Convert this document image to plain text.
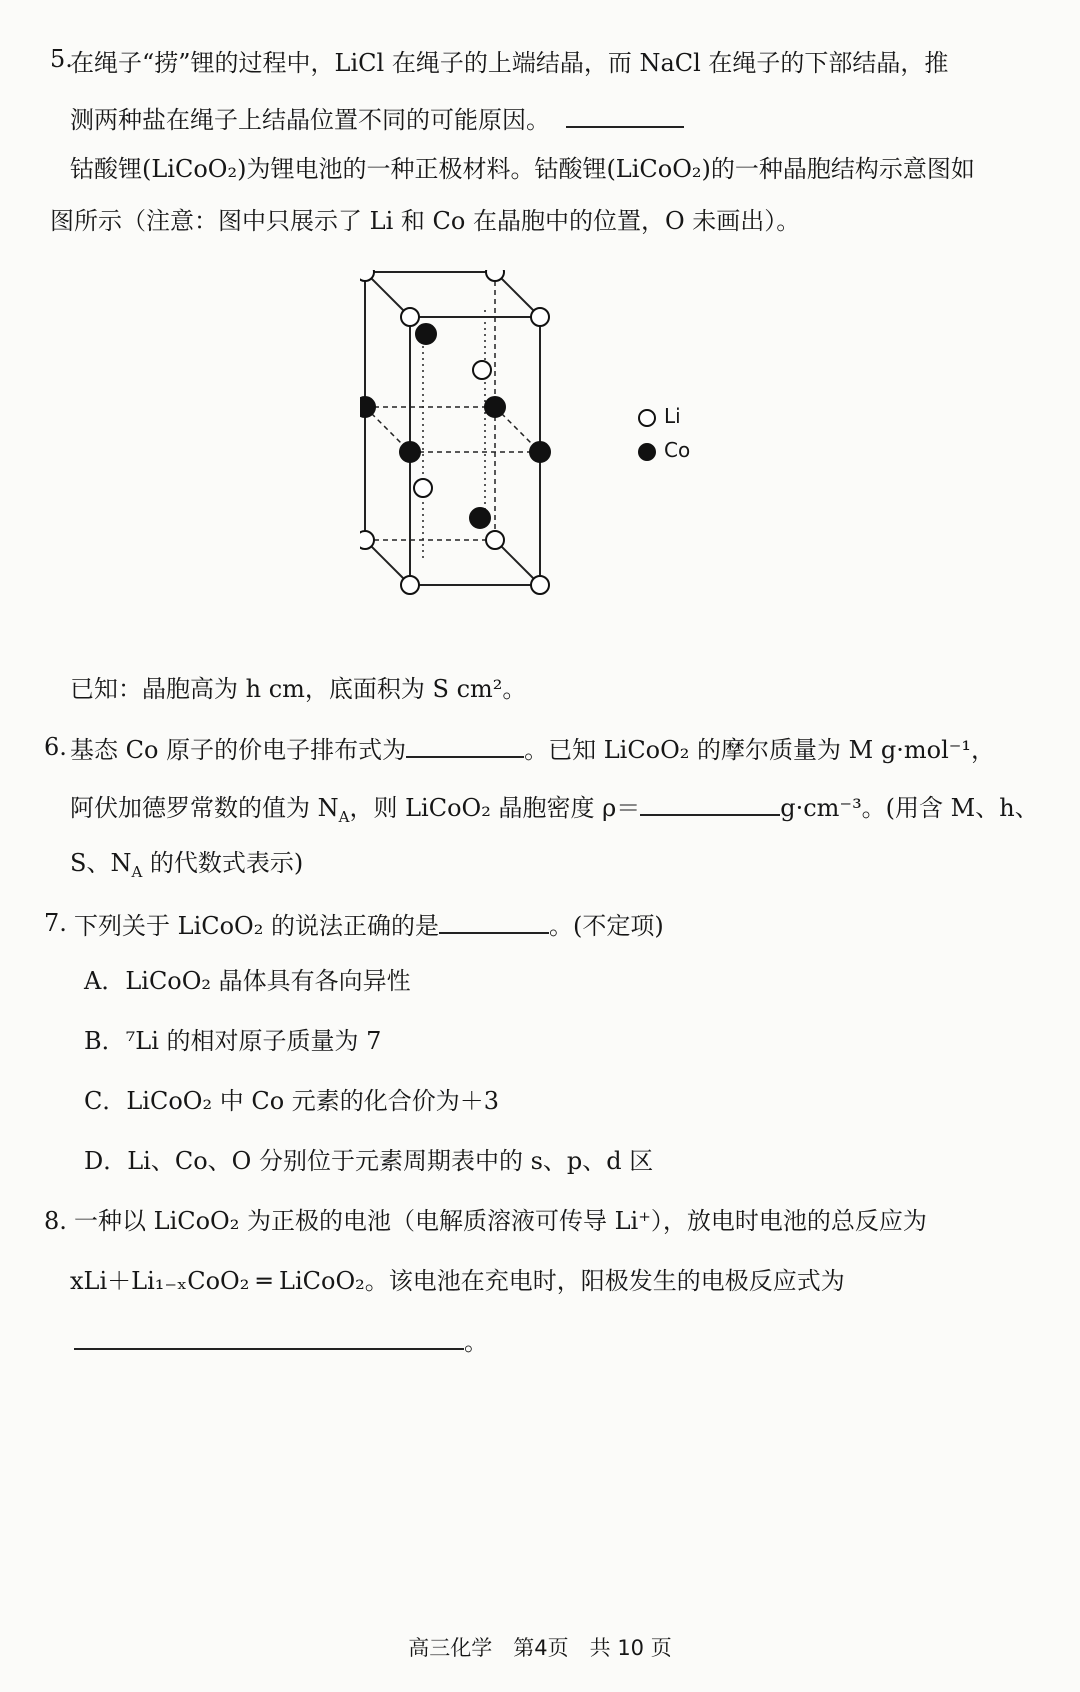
5.
在绳子“捞”锂的过程中，LiCl 在绳子的上端结晶，而 NaCl 在绳子的下部结晶，推
测两种盐在绳子上结晶位置不同的可能原因。
钴酸锂(LiCoO₂)为锂电池的一种正极材料。钴酸锂(LiCoO₂)的一种晶胞结构示意图如
图所示（注意：图中只展示了 Li 和 Co 在晶胞中的位置，O 未画出）。
Li
Co
已知：晶胞高为 h cm，底面积为 S cm²。
6. 基态 Co 原子的价电子排布式为	。已知 LiCoO₂ 的摩尔质量为 M g·mol⁻¹，
阿伏加德罗常数的值为 $N_A$，则 LiCoO₂ 晶胞密度 ρ＝	g·cm⁻³。(用含 M、h、
S、$N_A$ 的代数式表示)
7. 下列关于 LiCoO₂ 的说法正确的是	。(不定项)
A．LiCoO₂ 晶体具有各向异性
B．⁷Li 的相对原子质量为 7
C．LiCoO₂ 中 Co 元素的化合价为＋3
D．Li、Co、O 分别位于元素周期表中的 s、p、d 区
8. 一种以 LiCoO₂ 为正极的电池（电解质溶液可传导 Li⁺），放电时电池的总反应为
xLi＋Li₁₋ₓCoO₂ ═ LiCoO₂。该电池在充电时，阳极发生的电极反应式为
。
高三化学　第4页　共 10 页
